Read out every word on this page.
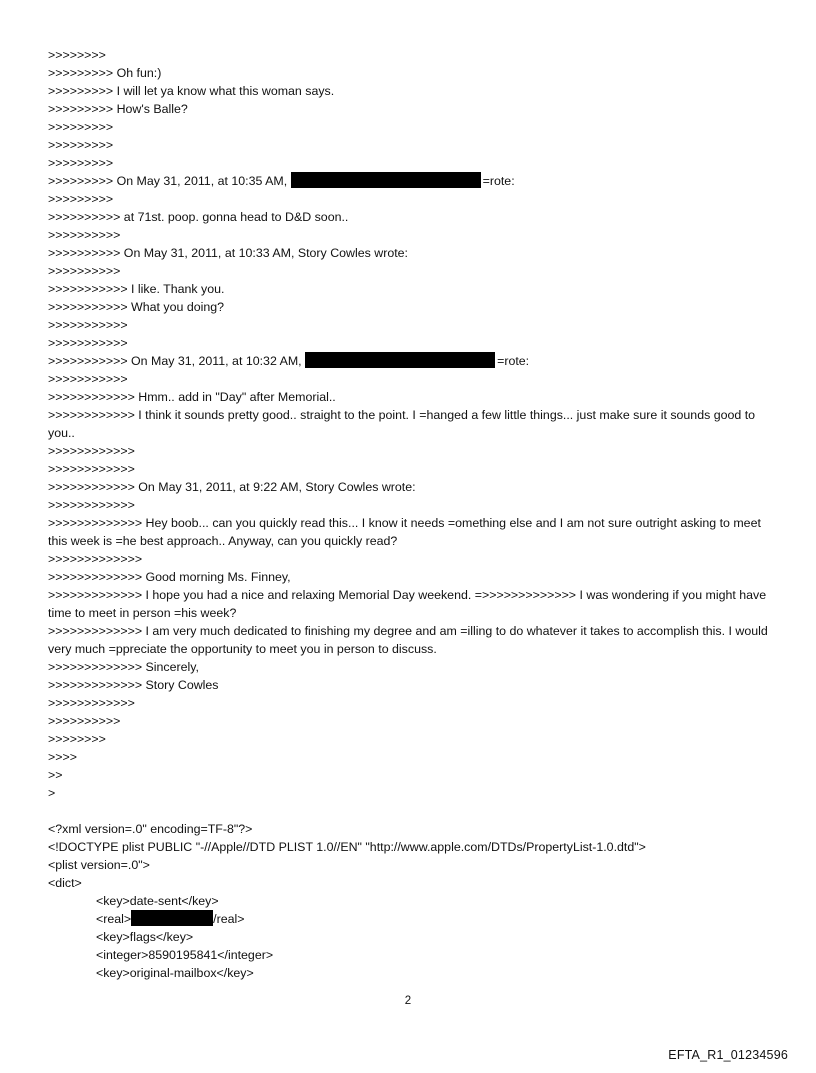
>>>>>>>>
>>>>>>>>> Oh fun:)
>>>>>>>>> I will let ya know what this woman says.
>>>>>>>>> How's Balle?
>>>>>>>>>
>>>>>>>>>
>>>>>>>>>
>>>>>>>>> On May 31, 2011, at 10:35 AM,	=rote:
>>>>>>>>>
>>>>>>>>>> at 71st. poop. gonna head to D&D soon..
>>>>>>>>>>
>>>>>>>>>> On May 31, 2011, at 10:33 AM, Story Cowles wrote:
>>>>>>>>>>
>>>>>>>>>>> I like. Thank you.
>>>>>>>>>>> What you doing?
>>>>>>>>>>>
>>>>>>>>>>>
>>>>>>>>>>> On May 31, 2011, at 10:32 AM,	=rote:
>>>>>>>>>>>
>>>>>>>>>>>> Hmm.. add in "Day" after Memorial..
>>>>>>>>>>>> I think it sounds pretty good.. straight to the point. I =hanged a few little things... just make sure it sounds good to you..
>>>>>>>>>>>>
>>>>>>>>>>>>
>>>>>>>>>>>> On May 31, 2011, at 9:22 AM, Story Cowles wrote:
>>>>>>>>>>>>
>>>>>>>>>>>>> Hey boob... can you quickly read this... I know it needs =omething else and I am not sure outright asking to meet this week is =he best approach.. Anyway, can you quickly read?
>>>>>>>>>>>>>
>>>>>>>>>>>>> Good morning Ms. Finney,
>>>>>>>>>>>>> I hope you had a nice and relaxing Memorial Day weekend. =>>>>>>>>>>>>> I was wondering if you might have time to meet in person =his week?
>>>>>>>>>>>>> I am very much dedicated to finishing my degree and am =illing to do whatever it takes to accomplish this. I would very much =ppreciate the opportunity to meet you in person to discuss.
>>>>>>>>>>>>> Sincerely,
>>>>>>>>>>>>> Story Cowles
>>>>>>>>>>>>
>>>>>>>>>>
>>>>>>>>
>>>>
>>
>
<?xml version=.0" encoding=TF-8"?>
<!DOCTYPE plist PUBLIC "-//Apple//DTD PLIST 1.0//EN" "http://www.apple.com/DTDs/PropertyList-1.0.dtd">
<plist version=.0">
<dict>
<key>date-sent</key>
<real>	/real>
<key>flags</key>
<integer>8590195841</integer>
<key>original-mailbox</key>
2
EFTA_R1_01234596
